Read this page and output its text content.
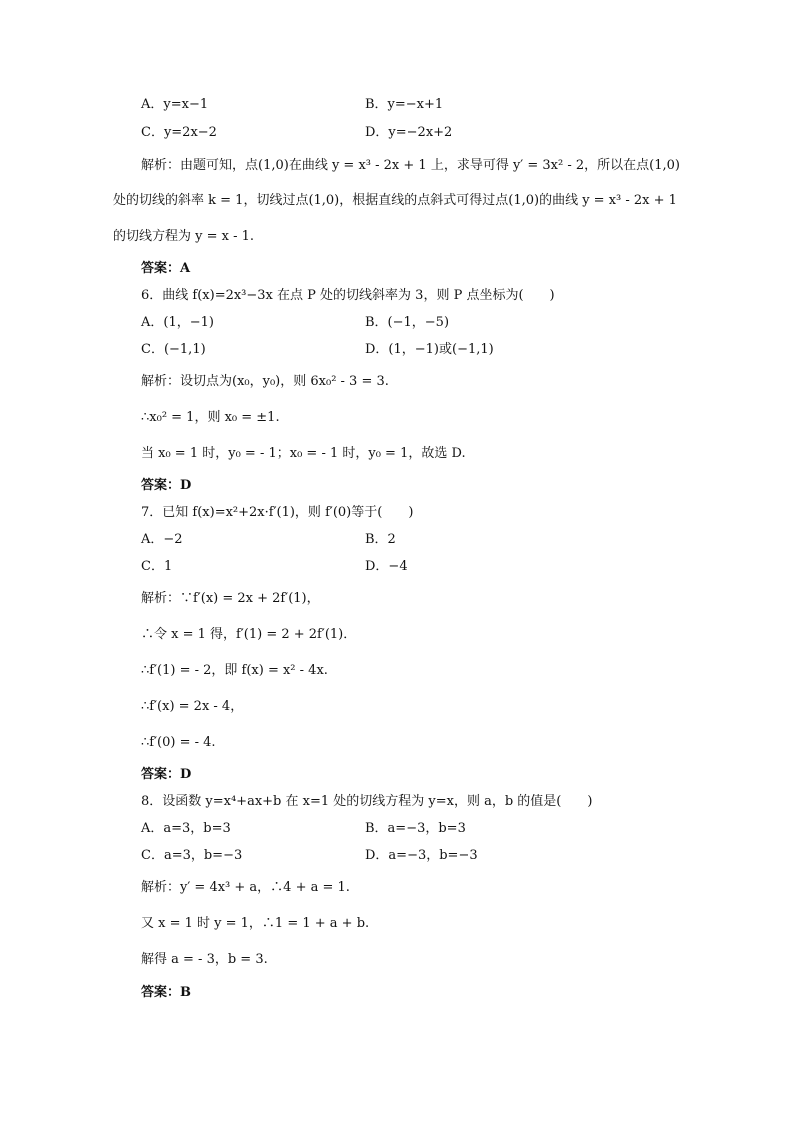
A．y=x−1	B．y=−x+1
C．y=2x−2	D．y=−2x+2
解析：由题可知，点(1,0)在曲线 y = x³ - 2x + 1 上，求导可得 y′ = 3x² - 2，所以在点(1,0)
处的切线的斜率 k = 1，切线过点(1,0)，根据直线的点斜式可得过点(1,0)的曲线 y = x³ - 2x + 1
的切线方程为 y = x - 1.
答案：A
6．曲线 f(x)=2x³−3x 在点 P 处的切线斜率为 3，则 P 点坐标为(　　)
A．(1，−1)	B．(−1，−5)
C．(−1,1)	D．(1，−1)或(−1,1)
解析：设切点为(x₀，y₀)，则 6x₀² - 3 = 3.
∴x₀² = 1，则 x₀ = ±1.
当 x₀ = 1 时，y₀ = - 1；x₀ = - 1 时，y₀ = 1，故选 D.
答案：D
7．已知 f(x)=x²+2x·f′(1)，则 f′(0)等于(　　)
A．−2	B．2
C．1	D．−4
解析：∵f′(x) = 2x + 2f′(1)，
∴令 x = 1 得，f′(1) = 2 + 2f′(1)．
∴f′(1) = - 2，即 f(x) = x² - 4x.
∴f′(x) = 2x - 4，
∴f′(0) = - 4.
答案：D
8．设函数 y=x⁴+ax+b 在 x=1 处的切线方程为 y=x，则 a，b 的值是(　　)
A．a=3，b=3	B．a=−3，b=3
C．a=3，b=−3	D．a=−3，b=−3
解析：y′ = 4x³ + a，∴4 + a = 1.
又 x = 1 时 y = 1，∴1 = 1 + a + b.
解得 a = - 3，b = 3.
答案：B
